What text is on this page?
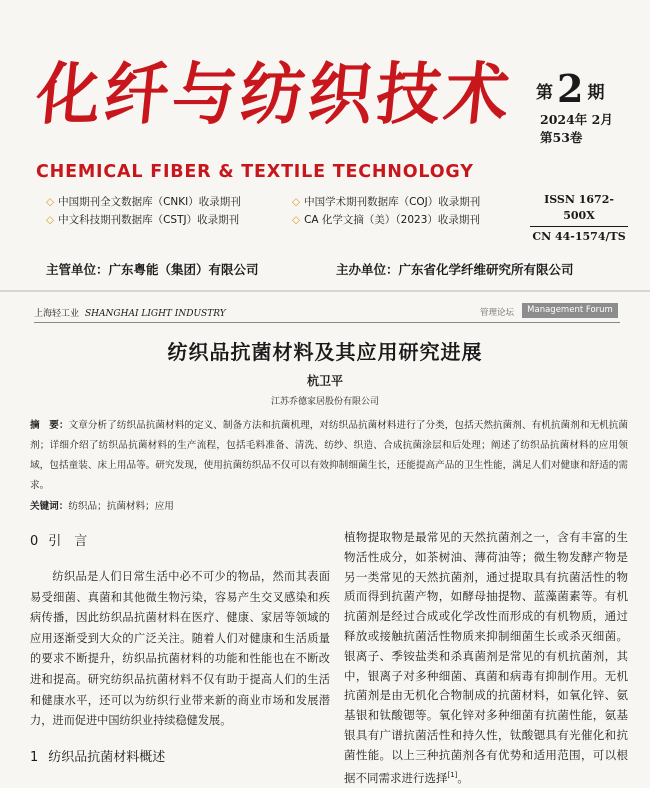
化纤与纺织技术
CHEMICAL FIBER & TEXTILE TECHNOLOGY
第 2 期
2024年 2月
第53卷
◇ 中国期刊全文数据库（CNKI）收录期刊
◇ 中文科技期刊数据库（CSTJ）收录期刊
◇ 中国学术期刊数据库（COJ）收录期刊
◇ CA 化学文摘（美）（2023）收录期刊
ISSN 1672-500X
CN 44-1574/TS
主管单位：广东粤能（集团）有限公司	主办单位：广东省化学纤维研究所有限公司
上海轻工业 SHANGHAI LIGHT INDUSTRY	管理论坛	Management Forum
纺织品抗菌材料及其应用研究进展
杭卫平
江苏乔德家居股份有限公司
摘　要：文章分析了纺织品抗菌材料的定义、制备方法和抗菌机理，对纺织品抗菌材料进行了分类，包括天然抗菌剂、有机抗菌剂和无机抗菌剂；详细介绍了纺织品抗菌材料的生产流程，包括毛料准备、清洗、纺纱、织造、合成抗菌涂层和后处理；阐述了纺织品抗菌材料的应用领域，包括童装、床上用品等。研究发现，使用抗菌纺织品不仅可以有效抑制细菌生长，还能提高产品的卫生性能，满足人们对健康和舒适的需求。
关键词：纺织品；抗菌材料；应用
0 引　言

纺织品是人们日常生活中必不可少的物品，然而其表面易受细菌、真菌和其他微生物污染，容易产生交叉感染和疾病传播，因此纺织品抗菌材料在医疗、健康、家居等领域的应用逐渐受到大众的广泛关注。随着人们对健康和生活质量的要求不断提升，纺织品抗菌材料的功能和性能也在不断改进和提高。研究纺织品抗菌材料不仅有助于提高人们的生活和健康水平，还可以为纺织行业带来新的商业市场和发展潜力，进而促进中国纺织业持续稳健发展。

1 纺织品抗菌材料概述

植物提取物是最常见的天然抗菌剂之一，含有丰富的生物活性成分，如茶树油、薄荷油等；微生物发酵产物是另一类常见的天然抗菌剂，通过提取具有抗菌活性的物质而得到抗菌产物，如酵母抽提物、蓝藻菌素等。有机抗菌剂是经过合成或化学改性而形成的有机物质，通过释放或接触抗菌活性物质来抑制细菌生长或杀灭细菌。银离子、季铵盐类和杀真菌剂是常见的有机抗菌剂，其中，银离子对多种细菌、真菌和病毒有抑制作用。无机抗菌剂是由无机化合物制成的抗菌材料，如氧化锌、氨基银和钛酸锶等。氧化锌对多种细菌有抗菌性能，氨基银具有广谱抗菌活性和持久性，钛酸锶具有光催化和抗菌性能。以上三种抗菌剂各有优势和适用范围，可以根据不同需求进行选择[1]。
